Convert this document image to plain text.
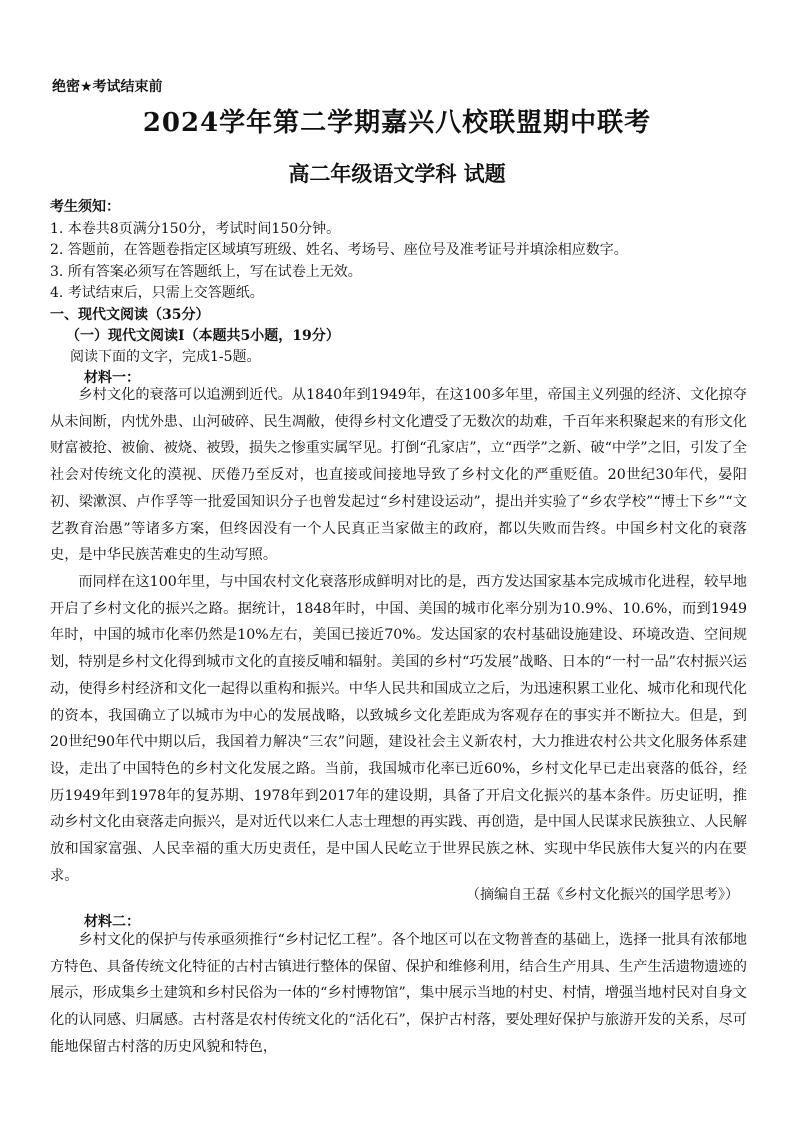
绝密★考试结束前
2024学年第二学期嘉兴八校联盟期中联考
高二年级语文学科 试题
考生须知：
1. 本卷共8页满分150分，考试时间150分钟。
2. 答题前，在答题卷指定区域填写班级、姓名、考场号、座位号及准考证号并填涂相应数字。
3. 所有答案必须写在答题纸上，写在试卷上无效。
4. 考试结束后，只需上交答题纸。
一、现代文阅读（35分）
（一）现代文阅读Ⅰ（本题共5小题，19分）
阅读下面的文字，完成1-5题。
材料一：

乡村文化的衰落可以追溯到近代。从1840年到1949年，在这100多年里，帝国主义列强的经济、文化掠夺从未间断，内忧外患、山河破碎、民生凋敝，使得乡村文化遭受了无数次的劫难，千百年来积聚起来的有形文化财富被抢、被偷、被烧、被毁，损失之惨重实属罕见。打倒“孔家店”，立“西学”之新、破“中学”之旧，引发了全社会对传统文化的漠视、厌倦乃至反对，也直接或间接地导致了乡村文化的严重贬值。20世纪30年代，晏阳初、梁漱溟、卢作孚等一批爱国知识分子也曾发起过“乡村建设运动”，提出并实验了“乡农学校”“博士下乡”“文艺教育治愚”等诸多方案，但终因没有一个人民真正当家做主的政府，都以失败而告终。中国乡村文化的衰落史，是中华民族苦难史的生动写照。

而同样在这100年里，与中国农村文化衰落形成鲜明对比的是，西方发达国家基本完成城市化进程，较早地开启了乡村文化的振兴之路。据统计，1848年时，中国、美国的城市化率分别为10.9%、10.6%，而到1949年时，中国的城市化率仍然是10%左右，美国已接近70%。发达国家的农村基础设施建设、环境改造、空间规划，特别是乡村文化得到城市文化的直接反哺和辐射。美国的乡村“巧发展”战略、日本的“一村一品”农村振兴运动，使得乡村经济和文化一起得以重构和振兴。中华人民共和国成立之后，为迅速积累工业化、城市化和现代化的资本，我国确立了以城市为中心的发展战略，以致城乡文化差距成为客观存在的事实并不断拉大。但是，到20世纪90年代中期以后，我国着力解决“三农”问题，建设社会主义新农村，大力推进农村公共文化服务体系建设，走出了中国特色的乡村文化发展之路。当前，我国城市化率已近60%，乡村文化早已走出衰落的低谷，经历1949年到1978年的复苏期、1978年到2017年的建设期，具备了开启文化振兴的基本条件。历史证明，推动乡村文化由衰落走向振兴，是对近代以来仁人志士理想的再实践、再创造，是中国人民谋求民族独立、人民解放和国家富强、人民幸福的重大历史责任，是中国人民屹立于世界民族之林、实现中华民族伟大复兴的内在要求。

（摘编自王磊《乡村文化振兴的国学思考》）
材料二：

乡村文化的保护与传承亟须推行“乡村记忆工程”。各个地区可以在文物普查的基础上，选择一批具有浓郁地方特色、具备传统文化特征的古村古镇进行整体的保留、保护和维修利用，结合生产用具、生产生活遗物遗迹的展示，形成集乡土建筑和乡村民俗为一体的“乡村博物馆”，集中展示当地的村史、村情，增强当地村民对自身文化的认同感、归属感。古村落是农村传统文化的“活化石”，保护古村落，要处理好保护与旅游开发的关系，尽可能地保留古村落的历史风貌和特色，
